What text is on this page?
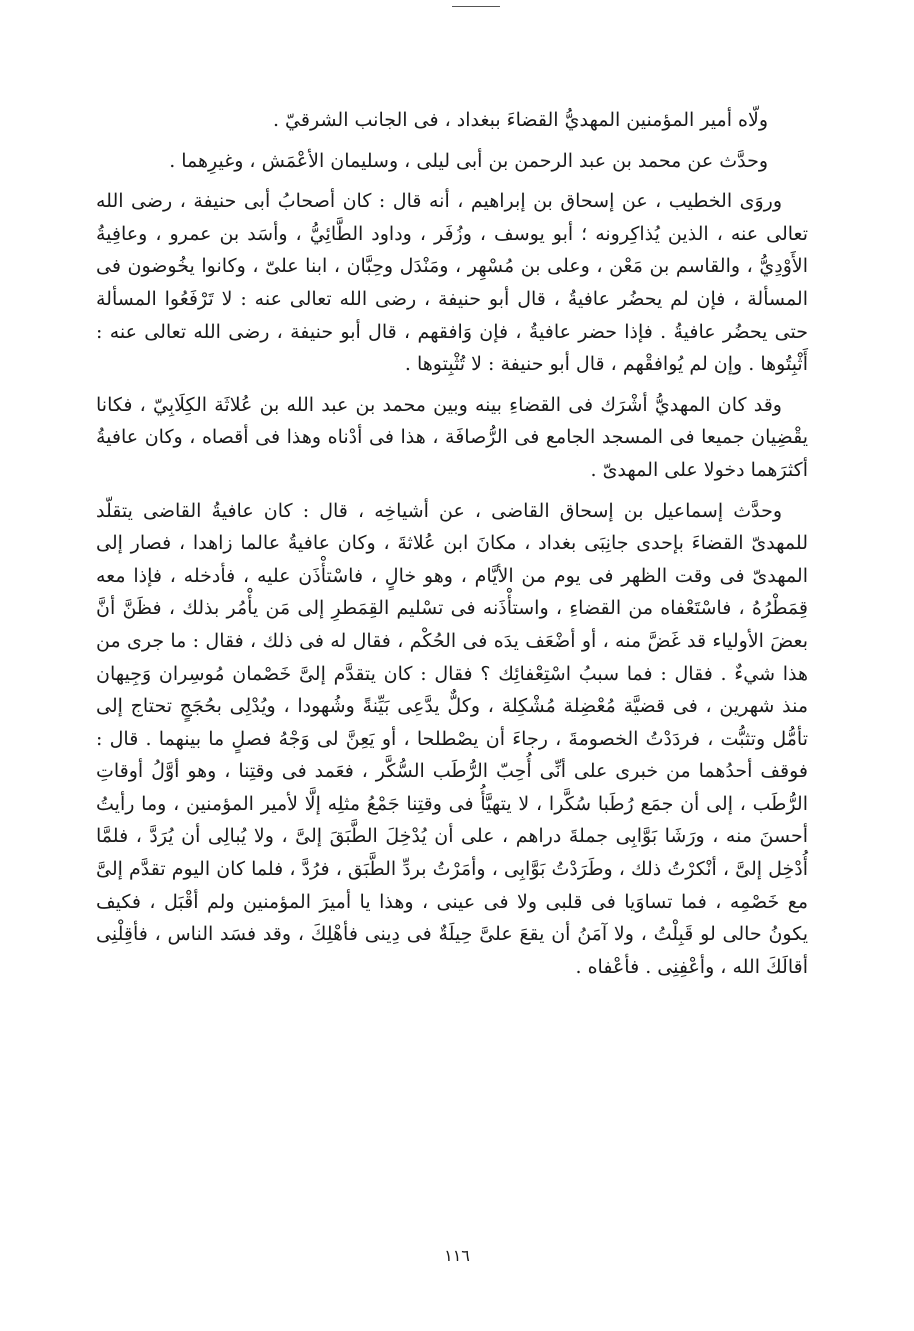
ولّاه أمير المؤمنين المهديُّ القضاءَ ببغداد ، فى الجانب الشرقيّ .

وحدَّث عن محمد بن عبد الرحمن بن أبى ليلى ، وسليمان الأعْمَش ، وغيرِهما .

وروَى الخطيب ، عن إسحاق بن إبراهيم ، أنه قال : كان أصحابُ أبى حنيفة ، رضى الله تعالى عنه ، الذين يُذاكِرونه ؛ أبو يوسف ، وزُفَر ، وداود الطَّائِيُّ ، وأسَد بن عمرو ، وعافِيةُ الأَوْدِيُّ ، والقاسم بن مَعْن ، وعلى بن مُسْهِر ، ومَنْدَل وحِبَّان ، ابنا علىّ ، وكانوا يخُوضون فى المسألة ، فإن لم يحضُر عافيةُ ، قال أبو حنيفة ، رضى الله تعالى عنه : لا تَرْفَعُوا المسألة حتى يحضُر عافيةُ . فإذا حضر عافيةُ ، فإن وَافقهم ، قال أبو حنيفة ، رضى الله تعالى عنه : أَثْبِتُوها . وإن لم يُوافقْهم ، قال أبو حنيفة : لا تُثْبِتوها .

وقد كان المهديُّ أشْرَك فى القضاءِ بينه وبين محمد بن عبد الله بن عُلاثَة الكِلَابِيّ ، فكانا يقْضِيان جميعا فى المسجد الجامع فى الرُّصافَة ، هذا فى أدْناه وهذا فى أقصاه ، وكان عافيةُ أكثرَهما دخولا على المهدىّ .

وحدَّث إسماعيل بن إسحاق القاضى ، عن أشياخِه ، قال : كان عافيةُ القاضى يتقلّد للمهدىّ القضاءَ بإحدى جانِبَى بغداد ، مكانَ ابن عُلاثةَ ، وكان عافيةُ عالما زاهدا ، فصار إلى المهدىّ فى وقت الظهر فى يوم من الأيَّام ، وهو خالٍ ، فاسْتأْذَن عليه ، فأدخله ، فإذا معه قِمَطْرُهُ ، فاسْتَعْفاه من القضاءِ ، واستأْذَنه فى تسْليم القِمَطرِ إلى مَن يأْمُر بذلك ، فظَنَّ أنَّ بعضَ الأولياء قد غَضَّ منه ، أو أضْعَف يدَه فى الحُكْم ، فقال له فى ذلك ، فقال : ما جرى من هذا شيءٌ . فقال : فما سببُ اسْتِعْفائِك ؟ فقال : كان يتقدَّم إلىَّ خَصْمان مُوسِران وَجِيهان منذ شهرين ، فى قضيَّة مُعْضِلة مُشْكِلة ، وكلٌّ يدَّعِى بَيِّنةً وشُهودا ، ويُدْلِى بحُجَجٍ تحتاج إلى تأمُّل وتثبُّت ، فردَدْتُ الخصومةَ ، رجاءَ أن يصْطلحا ، أو يَعِنَّ لى وَجْهُ فصلٍ ما بينهما . قال : فوقف أحدُهما من خبرى على أنِّى أُحِبّ الرُّطَب السُّكَّر ، فعَمد فى وقتِنا ، وهو أوَّلُ أوقاتِ الرُّطَب ، إلى أن جمَع رُطَبا سُكَّرا ، لا يتهيَّأُ فى وقتِنا جَمْعُ مثلِه إلَّا لأمير المؤمنين ، وما رأيتُ أحسنَ منه ، ورَشَا بَوَّابِى جملةَ دراهم ، على أن يُدْخِلَ الطَّبَقَ إلىَّ ، ولا يُبالِى أن يُرَدَّ ، فلمَّا أُدْخِل إلىَّ ، أنْكرْتُ ذلك ، وطَرَدْتُ بَوَّابِى ، وأمَرْتُ بردِّ الطَّبَق ، فرُدَّ ، فلما كان اليوم تقدَّم إلىَّ مع خَصْمِه ، فما تساوَيا فى قلبى ولا فى عينى ، وهذا يا أميرَ المؤمنين ولم أقْبَل ، فكيف يكونُ حالى لو قَبِلْتُ ، ولا آمَنُ أن يقعَ علىَّ حِيلَةٌ فى دِينى فأهْلِكَ ، وقد فسَد الناس ، فأقِلْنِى أقالَكَ الله ، وأعْفِنِى . فأعْفاه .

١١٦
